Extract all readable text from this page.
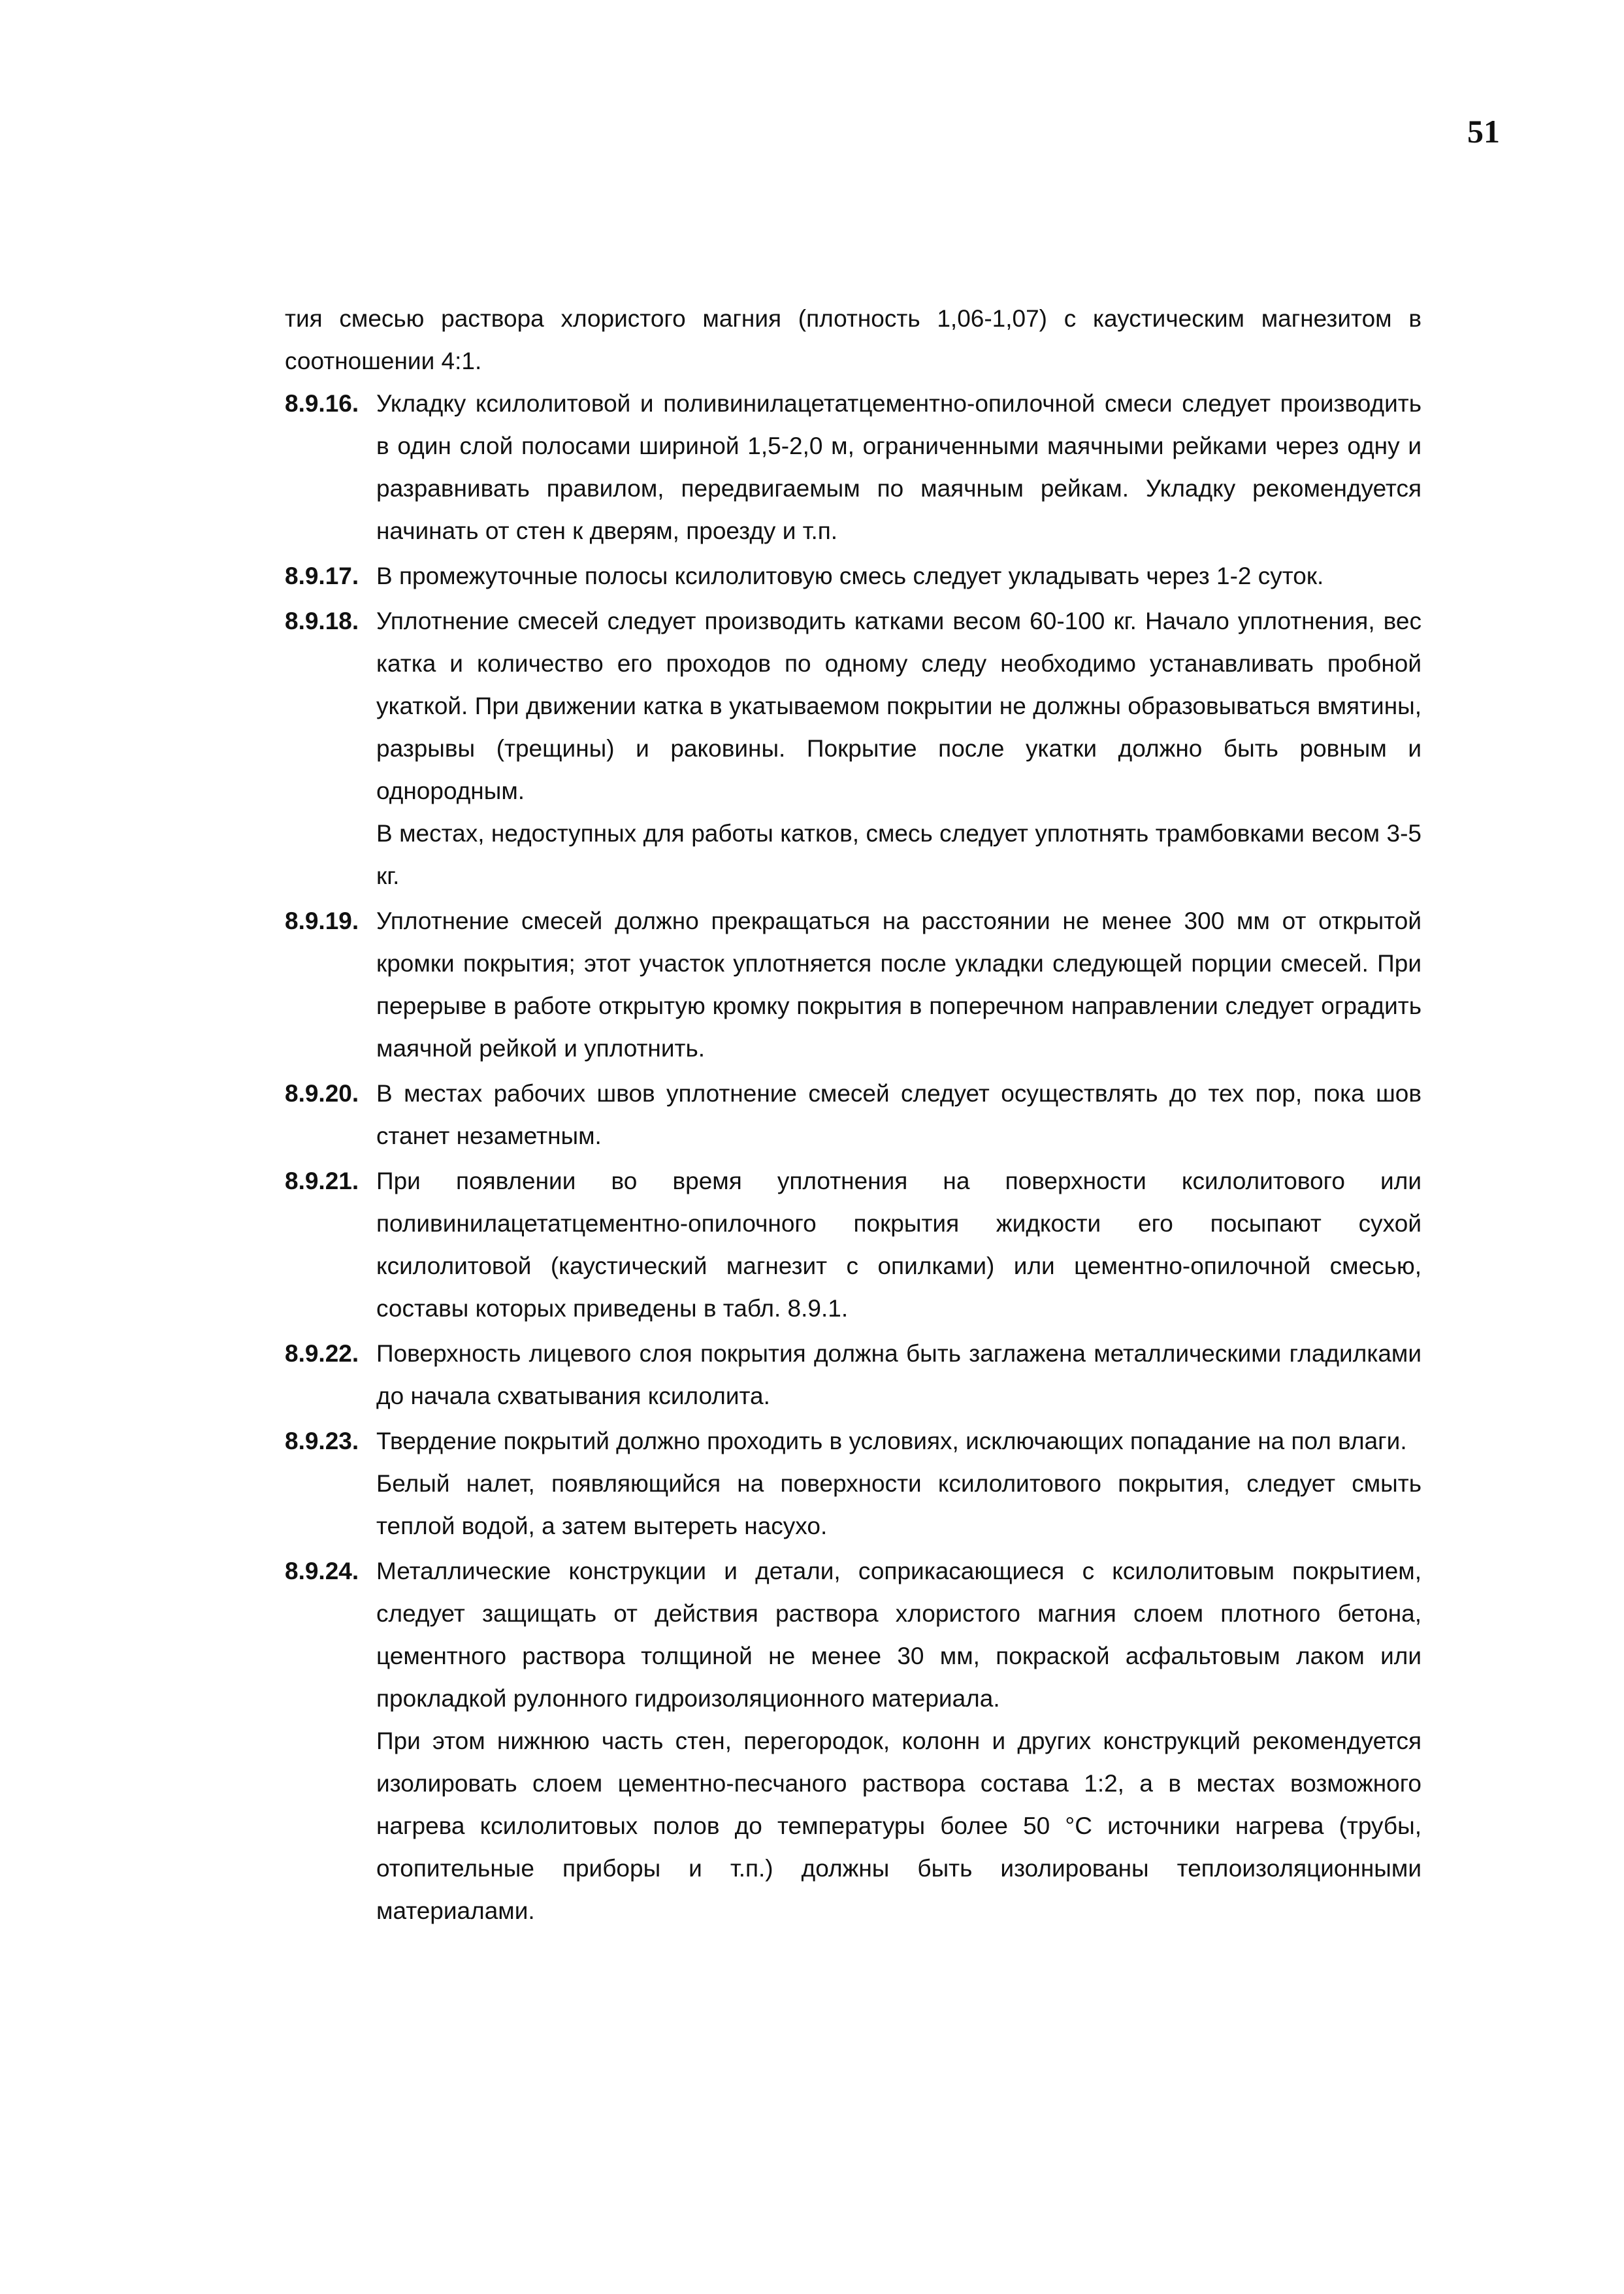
51

тия смесью раствора хлористого магния (плотность 1,06-1,07) с каустическим магнезитом в соотношении 4:1.

8.9.16. Укладку ксилолитовой и поливинилацетатцементно-опилочной смеси следует производить в один слой полосами шириной 1,5-2,0 м, ограниченными маячными рейками через одну и разравнивать правилом, передвигаемым по маячным рейкам. Укладку рекомендуется начинать от стен к дверям, проезду и т.п.

8.9.17. В промежуточные полосы ксилолитовую смесь следует укладывать через 1-2 суток.

8.9.18. Уплотнение смесей следует производить катками весом 60-100 кг. Начало уплотнения, вес катка и количество его проходов по одному следу необходимо устанавливать пробной укаткой. При движении катка в укатываемом покрытии не должны образовываться вмятины, разрывы (трещины) и раковины. Покрытие после укатки должно быть ровным и однородным.

В местах, недоступных для работы катков, смесь следует уплотнять трамбовками весом 3-5 кг.

8.9.19. Уплотнение смесей должно прекращаться на расстоянии не менее 300 мм от открытой кромки покрытия; этот участок уплотняется после укладки следующей порции смесей. При перерыве в работе открытую кромку покрытия в поперечном направлении следует оградить маячной рейкой и уплотнить.

8.9.20. В местах рабочих швов уплотнение смесей следует осуществлять до тех пор, пока шов станет незаметным.

8.9.21. При появлении во время уплотнения на поверхности ксилолитового или поливинилацетатцементно-опилочного покрытия жидкости его посыпают сухой ксилолитовой (каустический магнезит с опилками) или цементно-опилочной смесью, составы которых приведены в табл. 8.9.1.

8.9.22. Поверхность лицевого слоя покрытия должна быть заглажена металлическими гладилками до начала схватывания ксилолита.

8.9.23. Твердение покрытий должно проходить в условиях, исключающих попадание на пол влаги.

Белый налет, появляющийся на поверхности ксилолитового покрытия, следует смыть теплой водой, а затем вытереть насухо.

8.9.24. Металлические конструкции и детали, соприкасающиеся с ксилолитовым покрытием, следует защищать от действия раствора хлористого магния слоем плотного бетона, цементного раствора толщиной не менее 30 мм, покраской асфальтовым лаком или прокладкой рулонного гидроизоляционного материала.

При этом нижнюю часть стен, перегородок, колонн и других конструкций рекомендуется изолировать слоем цементно-песчаного раствора состава 1:2, а в местах возможного нагрева ксилолитовых полов до температуры более 50 °С источники нагрева (трубы, отопительные приборы и т.п.) должны быть изолированы теплоизоляционными материалами.
